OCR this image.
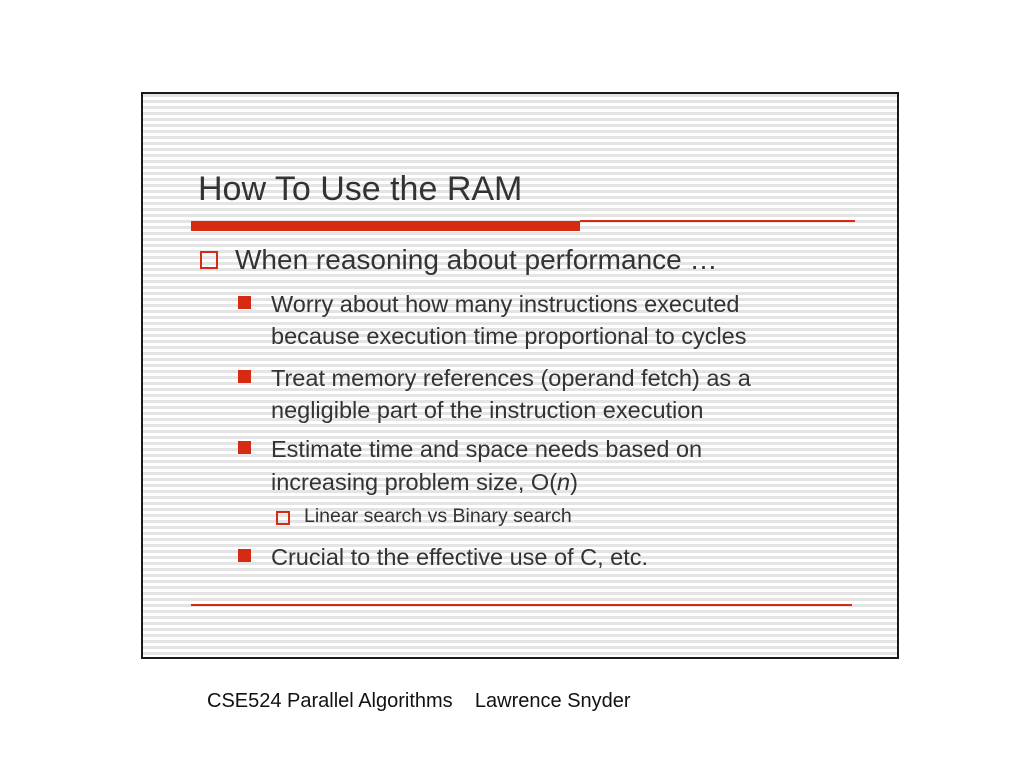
How To Use the RAM
When reasoning about performance …
Worry about how many instructions executed
because execution time proportional to cycles
Treat memory references (operand fetch) as a
negligible part of the instruction execution
Estimate time and space needs based on
increasing problem size, O(n)
Linear search vs Binary search
Crucial to the effective use of C, etc.
CSE524 Parallel Algorithms Lawrence Snyder
